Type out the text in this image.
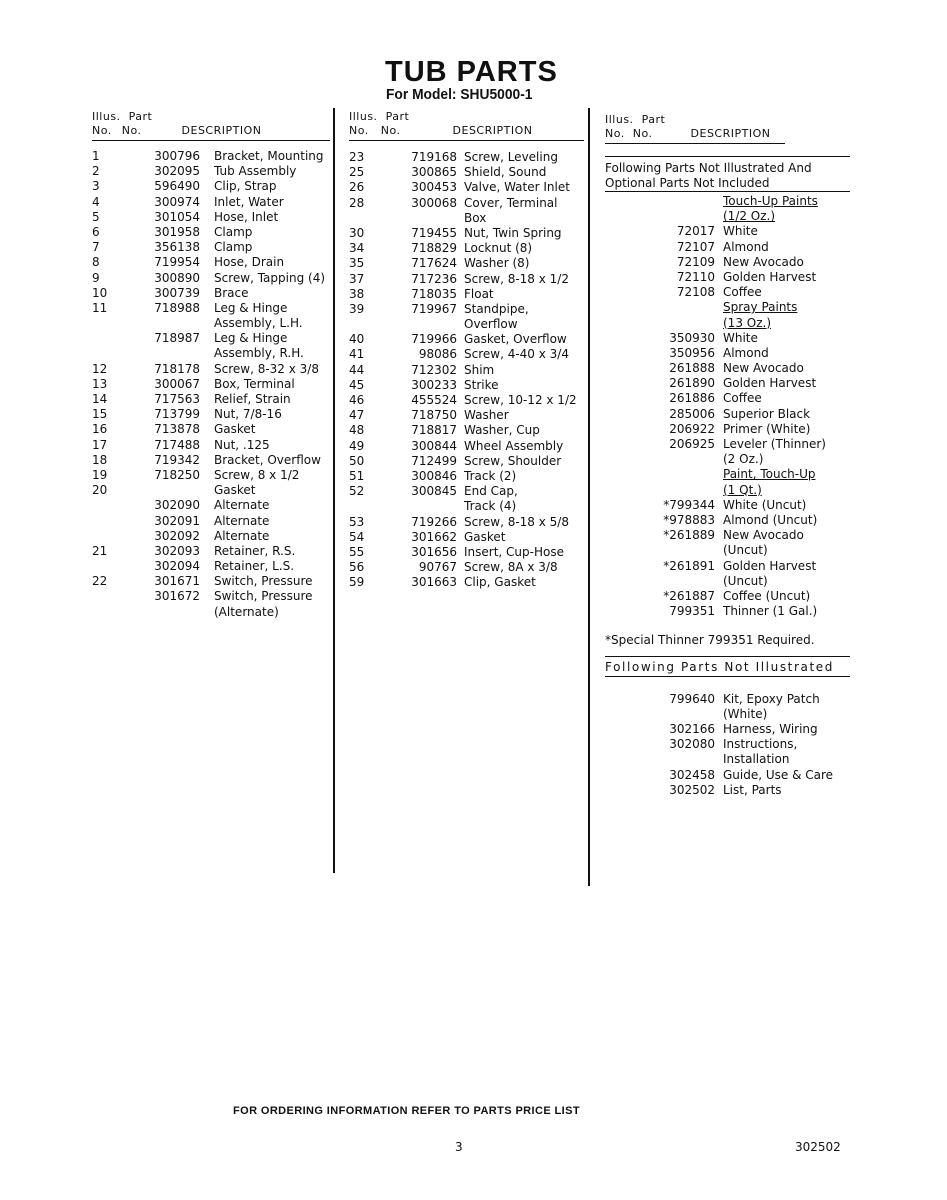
TUB PARTS
For Model: SHU5000-1
Illus. Part
No. No.	DESCRIPTION
1	300796 Bracket, Mounting
2	302095 Tub Assembly
3	596490 Clip, Strap
4	300974 Inlet, Water
5	301054 Hose, Inlet
6	301958 Clamp
7	356138 Clamp
8	719954 Hose, Drain
9	300890 Screw, Tapping (4)
10	300739 Brace
11	718988 Leg & Hinge
Assembly, L.H.
718987 Leg & Hinge
Assembly, R.H.
12	718178 Screw, 8-32 x 3/8
13	300067 Box, Terminal
14	717563 Relief, Strain
15	713799 Nut, 7/8-16
16	713878 Gasket
17	717488 Nut, .125
18	719342 Bracket, Overflow
19	718250 Screw, 8 x 1/2
20	Gasket
302090 Alternate
302091 Alternate
302092 Alternate
21	302093 Retainer, R.S.
302094 Retainer, L.S.
22	301671 Switch, Pressure
301672 Switch, Pressure
(Alternate)
Illus. Part
No. No.	DESCRIPTION
23	719168 Screw, Leveling
25	300865 Shield, Sound
26	300453 Valve, Water Inlet
28	300068 Cover, Terminal
Box
30	719455 Nut, Twin Spring
34	718829 Locknut (8)
35	717624 Washer (8)
37	717236 Screw, 8-18 x 1/2
38	718035 Float
39	719967 Standpipe,
Overflow
40	719966 Gasket, Overflow
41	98086 Screw, 4-40 x 3/4
44	712302 Shim
45	300233 Strike
46	455524 Screw, 10-12 x 1/2
47	718750 Washer
48	718817 Washer, Cup
49	300844 Wheel Assembly
50	712499 Screw, Shoulder
51	300846 Track (2)
52	300845 End Cap,
Track (4)
53	719266 Screw, 8-18 x 5/8
54	301662 Gasket
55	301656 Insert, Cup-Hose
56	90767 Screw, 8A x 3/8
59	301663 Clip, Gasket
Illus. Part
No. No.	DESCRIPTION
Following Parts Not Illustrated And
Optional Parts Not Included
Touch-Up Paints
(1/2 Oz.)
72017 White
72107 Almond
72109 New Avocado
72110 Golden Harvest
72108 Coffee
Spray Paints
(13 Oz.)
350930 White
350956 Almond
261888 New Avocado
261890 Golden Harvest
261886 Coffee
285006 Superior Black
206922 Primer (White)
206925 Leveler (Thinner)
(2 Oz.)
Paint, Touch-Up
(1 Qt.)
*799344 White (Uncut)
*978883 Almond (Uncut)
*261889 New Avocado
(Uncut)
*261891 Golden Harvest
(Uncut)
*261887 Coffee (Uncut)
799351 Thinner (1 Gal.)
*Special Thinner 799351 Required.
Following Parts Not Illustrated
799640 Kit, Epoxy Patch
(White)
302166 Harness, Wiring
302080 Instructions,
Installation
302458 Guide, Use & Care
302502 List, Parts
FOR ORDERING INFORMATION REFER TO PARTS PRICE LIST
3	302502
